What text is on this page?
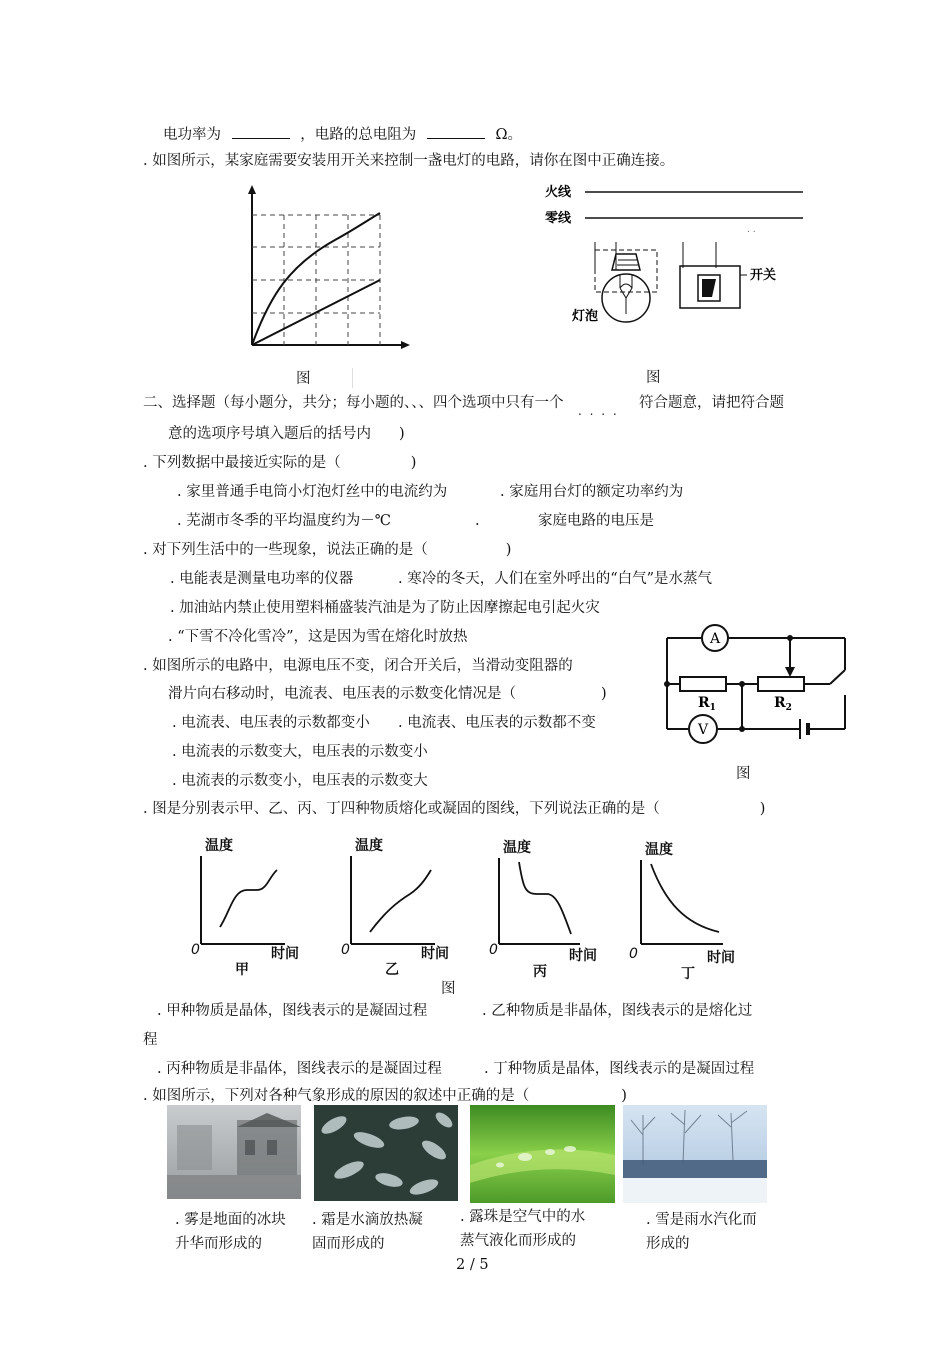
电功率为	，电路的总电阻为	Ω。
. 如图所示，某家庭需要安装用开关来控制一盏电灯的电路，请你在图中正确连接。
图
火线
零线
. .
灯泡
开关
图
二、选择题（每小题分，共分；每小题的、、、四个选项中只有一个 . . . . 符合题意，请把符合题
意的选项序号填入题后的括号内 )
. 下列数据中最接近实际的是（	)
. 家里普通手电筒小灯泡灯丝中的电流约为	. 家庭用台灯的额定功率约为
. 芜湖市冬季的平均温度约为－℃	.	家庭电路的电压是
. 对下列生活中的一些现象，说法正确的是（	)
. 电能表是测量电功率的仪器	. 寒冷的冬天，人们在室外呼出的“白气”是水蒸气
. 加油站内禁止使用塑料桶盛装汽油是为了防止因摩擦起电引起火灾
. “下雪不冷化雪冷”，这是因为雪在熔化时放热
. 如图所示的电路中，电源电压不变，闭合开关后，当滑动变阻器的
滑片向右移动时，电流表、电压表的示数变化情况是（	)
. 电流表、电压表的示数都变小 . 电流表、电压表的示数都不变
. 电流表的示数变大，电压表的示数变小
. 电流表的示数变小，电压表的示数变大
A
V
$R_1$	$R_2$
图
. 图是分别表示甲、乙、丙、丁四种物质熔化或凝固的图线，下列说法正确的是（	)
温度
0	时间
甲
温度
0	时间
乙
温度
0	时间
丙
温度
0	时间
丁
图
. 甲种物质是晶体，图线表示的是凝固过程	. 乙种物质是非晶体，图线表示的是熔化过
程
. 丙种物质是非晶体，图线表示的是凝固过程	. 丁种物质是晶体，图线表示的是凝固过程
. 如图所示，下列对各种气象形成的原因的叙述中正确的是（	)
. 雾是地面的冰块
升华而形成的
. 霜是水滴放热凝
固而形成的
. 露珠是空气中的水
蒸气液化而形成的
. 雪是雨水汽化而
形成的
2 / 5
